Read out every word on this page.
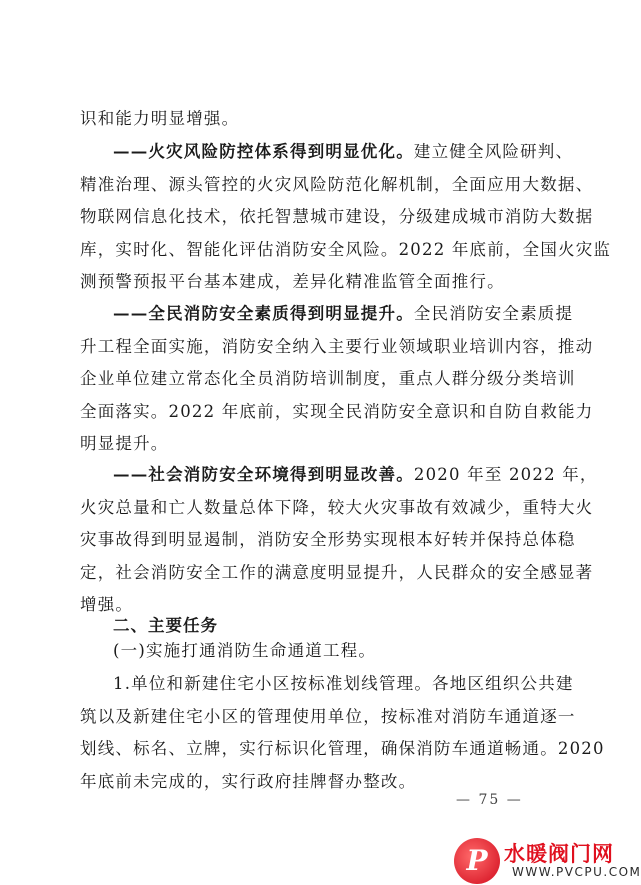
识和能力明显增强。

——火灾风险防控体系得到明显优化。建立健全风险研判、
精准治理、源头管控的火灾风险防范化解机制，全面应用大数据、
物联网信息化技术，依托智慧城市建设，分级建成城市消防大数据
库，实时化、智能化评估消防安全风险。2022 年底前，全国火灾监
测预警预报平台基本建成，差异化精准监管全面推行。

——全民消防安全素质得到明显提升。全民消防安全素质提
升工程全面实施，消防安全纳入主要行业领域职业培训内容，推动
企业单位建立常态化全员消防培训制度，重点人群分级分类培训
全面落实。2022 年底前，实现全民消防安全意识和自防自救能力
明显提升。

——社会消防安全环境得到明显改善。2020 年至 2022 年，
火灾总量和亡人数量总体下降，较大火灾事故有效减少，重特大火
灾事故得到明显遏制，消防安全形势实现根本好转并保持总体稳
定，社会消防安全工作的满意度明显提升，人民群众的安全感显著
增强。

二、主要任务

(一)实施打通消防生命通道工程。

1.单位和新建住宅小区按标准划线管理。各地区组织公共建
筑以及新建住宅小区的管理使用单位，按标准对消防车通道逐一
划线、标名、立牌，实行标识化管理，确保消防车通道畅通。2020
年底前未完成的，实行政府挂牌督办整改。

— 75 —
P 水暖阀门网
WWW.PVCPU.COM
